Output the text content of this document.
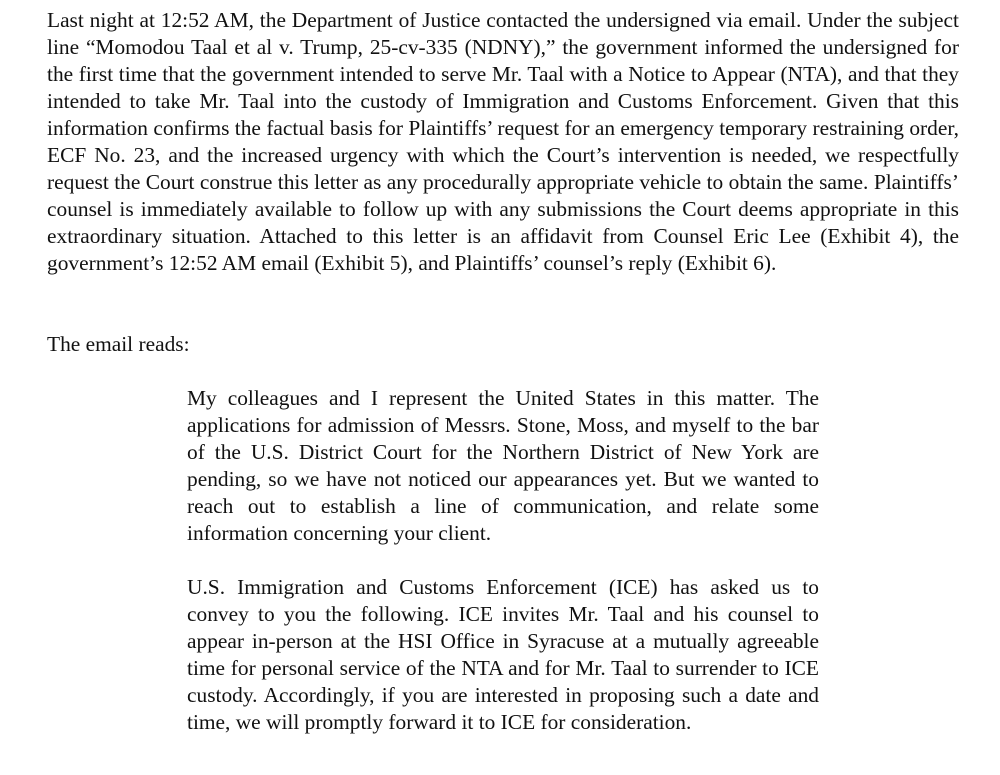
Last night at 12:52 AM, the Department of Justice contacted the undersigned via email. Under the subject line “Momodou Taal et al v. Trump, 25-cv-335 (NDNY),” the government informed the undersigned for the first time that the government intended to serve Mr. Taal with a Notice to Appear (NTA), and that they intended to take Mr. Taal into the custody of Immigration and Customs Enforcement. Given that this information confirms the factual basis for Plaintiffs’ request for an emergency temporary restraining order, ECF No. 23, and the increased urgency with which the Court’s intervention is needed, we respectfully request the Court construe this letter as any procedurally appropriate vehicle to obtain the same. Plaintiffs’ counsel is immediately available to follow up with any submissions the Court deems appropriate in this extraordinary situation. Attached to this letter is an affidavit from Counsel Eric Lee (Exhibit 4), the government’s 12:52 AM email (Exhibit 5), and Plaintiffs’ counsel’s reply (Exhibit 6).

The email reads:

My colleagues and I represent the United States in this matter. The applications for admission of Messrs. Stone, Moss, and myself to the bar of the U.S. District Court for the Northern District of New York are pending, so we have not noticed our appearances yet. But we wanted to reach out to establish a line of communication, and relate some information concerning your client.

U.S. Immigration and Customs Enforcement (ICE) has asked us to convey to you the following. ICE invites Mr. Taal and his counsel to appear in-person at the HSI Office in Syracuse at a mutually agreeable time for personal service of the NTA and for Mr. Taal to surrender to ICE custody. Accordingly, if you are interested in proposing such a date and time, we will promptly forward it to ICE for consideration.
